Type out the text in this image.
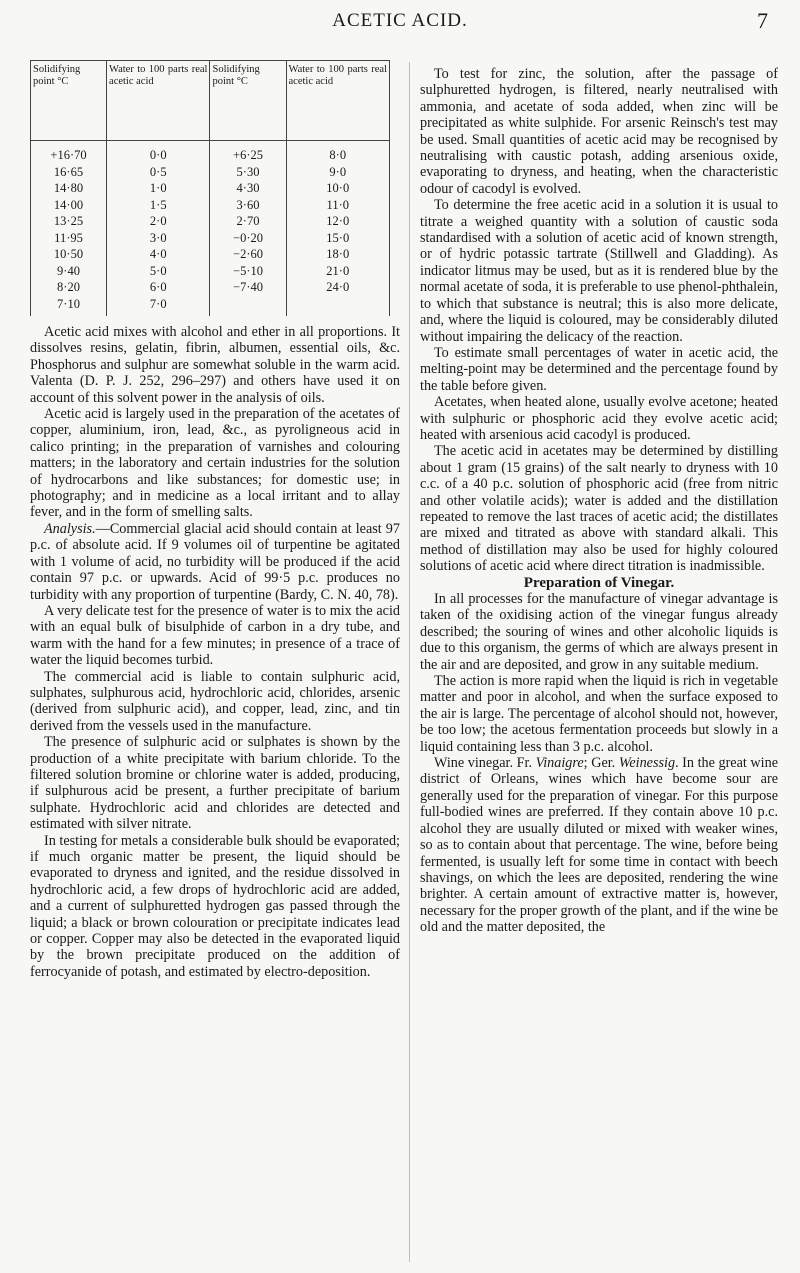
ACETIC ACID.	7
Solidifying point °C	Water to 100 parts real acetic acid	Solidifying point °C	Water to 100 parts real acetic acid
+16·70	0·0	+6·25	8·0
16·65	0·5	5·30	9·0
14·80	1·0	4·30	10·0
14·00	1·5	3·60	11·0
13·25	2·0	2·70	12·0
11·95	3·0	−0·20	15·0
10·50	4·0	−2·60	18·0
9·40	5·0	−5·10	21·0
8·20	6·0	−7·40	24·0
7·10	7·0		

Acetic acid mixes with alcohol and ether in all proportions. It dissolves resins, gelatin, fibrin, albumen, essential oils, &c. Phosphorus and sulphur are somewhat soluble in the warm acid. Valenta (D. P. J. 252, 296–297) and others have used it on account of this solvent power in the analysis of oils.

Acetic acid is largely used in the preparation of the acetates of copper, aluminium, iron, lead, &c., as pyroligneous acid in calico printing; in the preparation of varnishes and colouring matters; in the laboratory and certain industries for the solution of hydrocarbons and like substances; for domestic use; in photography; and in medicine as a local irritant and to allay fever, and in the form of smelling salts.

Analysis.—Commercial glacial acid should contain at least 97 p.c. of absolute acid. If 9 volumes oil of turpentine be agitated with 1 volume of acid, no turbidity will be produced if the acid contain 97 p.c. or upwards. Acid of 99·5 p.c. produces no turbidity with any proportion of turpentine (Bardy, C. N. 40, 78).

A very delicate test for the presence of water is to mix the acid with an equal bulk of bisulphide of carbon in a dry tube, and warm with the hand for a few minutes; in presence of a trace of water the liquid becomes turbid.

The commercial acid is liable to contain sulphuric acid, sulphates, sulphurous acid, hydrochloric acid, chlorides, arsenic (derived from sulphuric acid), and copper, lead, zinc, and tin derived from the vessels used in the manufacture.

The presence of sulphuric acid or sulphates is shown by the production of a white precipitate with barium chloride. To the filtered solution bromine or chlorine water is added, producing, if sulphurous acid be present, a further precipitate of barium sulphate. Hydrochloric acid and chlorides are detected and estimated with silver nitrate.

In testing for metals a considerable bulk should be evaporated; if much organic matter be present, the liquid should be evaporated to dryness and ignited, and the residue dissolved in hydrochloric acid, a few drops of hydrochloric acid are added, and a current of sulphuretted hydrogen gas passed through the liquid; a black or brown colouration or precipitate indicates lead or copper. Copper may also be detected in the evaporated liquid by the brown precipitate produced on the addition of ferrocyanide of potash, and estimated by electro-deposition.

To test for zinc, the solution, after the passage of sulphuretted hydrogen, is filtered, nearly neutralised with ammonia, and acetate of soda added, when zinc will be precipitated as white sulphide. For arsenic Reinsch's test may be used. Small quantities of acetic acid may be recognised by neutralising with caustic potash, adding arsenious oxide, evaporating to dryness, and heating, when the characteristic odour of cacodyl is evolved.

To determine the free acetic acid in a solution it is usual to titrate a weighed quantity with a solution of caustic soda standardised with a solution of acetic acid of known strength, or of hydric potassic tartrate (Stillwell and Gladding). As indicator litmus may be used, but as it is rendered blue by the normal acetate of soda, it is preferable to use phenol-phthalein, to which that substance is neutral; this is also more delicate, and, where the liquid is coloured, may be considerably diluted without impairing the delicacy of the reaction.

To estimate small percentages of water in acetic acid, the melting-point may be determined and the percentage found by the table before given.

Acetates, when heated alone, usually evolve acetone; heated with sulphuric or phosphoric acid they evolve acetic acid; heated with arsenious acid cacodyl is produced.

The acetic acid in acetates may be determined by distilling about 1 gram (15 grains) of the salt nearly to dryness with 10 c.c. of a 40 p.c. solution of phosphoric acid (free from nitric and other volatile acids); water is added and the distillation repeated to remove the last traces of acetic acid; the distillates are mixed and titrated as above with standard alkali. This method of distillation may also be used for highly coloured solutions of acetic acid where direct titration is inadmissible.

Preparation of Vinegar.

In all processes for the manufacture of vinegar advantage is taken of the oxidising action of the vinegar fungus already described; the souring of wines and other alcoholic liquids is due to this organism, the germs of which are always present in the air and are deposited, and grow in any suitable medium.

The action is more rapid when the liquid is rich in vegetable matter and poor in alcohol, and when the surface exposed to the air is large. The percentage of alcohol should not, however, be too low; the acetous fermentation proceeds but slowly in a liquid containing less than 3 p.c. alcohol.

Wine vinegar. Fr. Vinaigre; Ger. Weinessig. In the great wine district of Orleans, wines which have become sour are generally used for the preparation of vinegar. For this purpose full-bodied wines are preferred. If they contain above 10 p.c. alcohol they are usually diluted or mixed with weaker wines, so as to contain about that percentage. The wine, before being fermented, is usually left for some time in contact with beech shavings, on which the lees are deposited, rendering the wine brighter. A certain amount of extractive matter is, however, necessary for the proper growth of the plant, and if the wine be old and the matter deposited, the
